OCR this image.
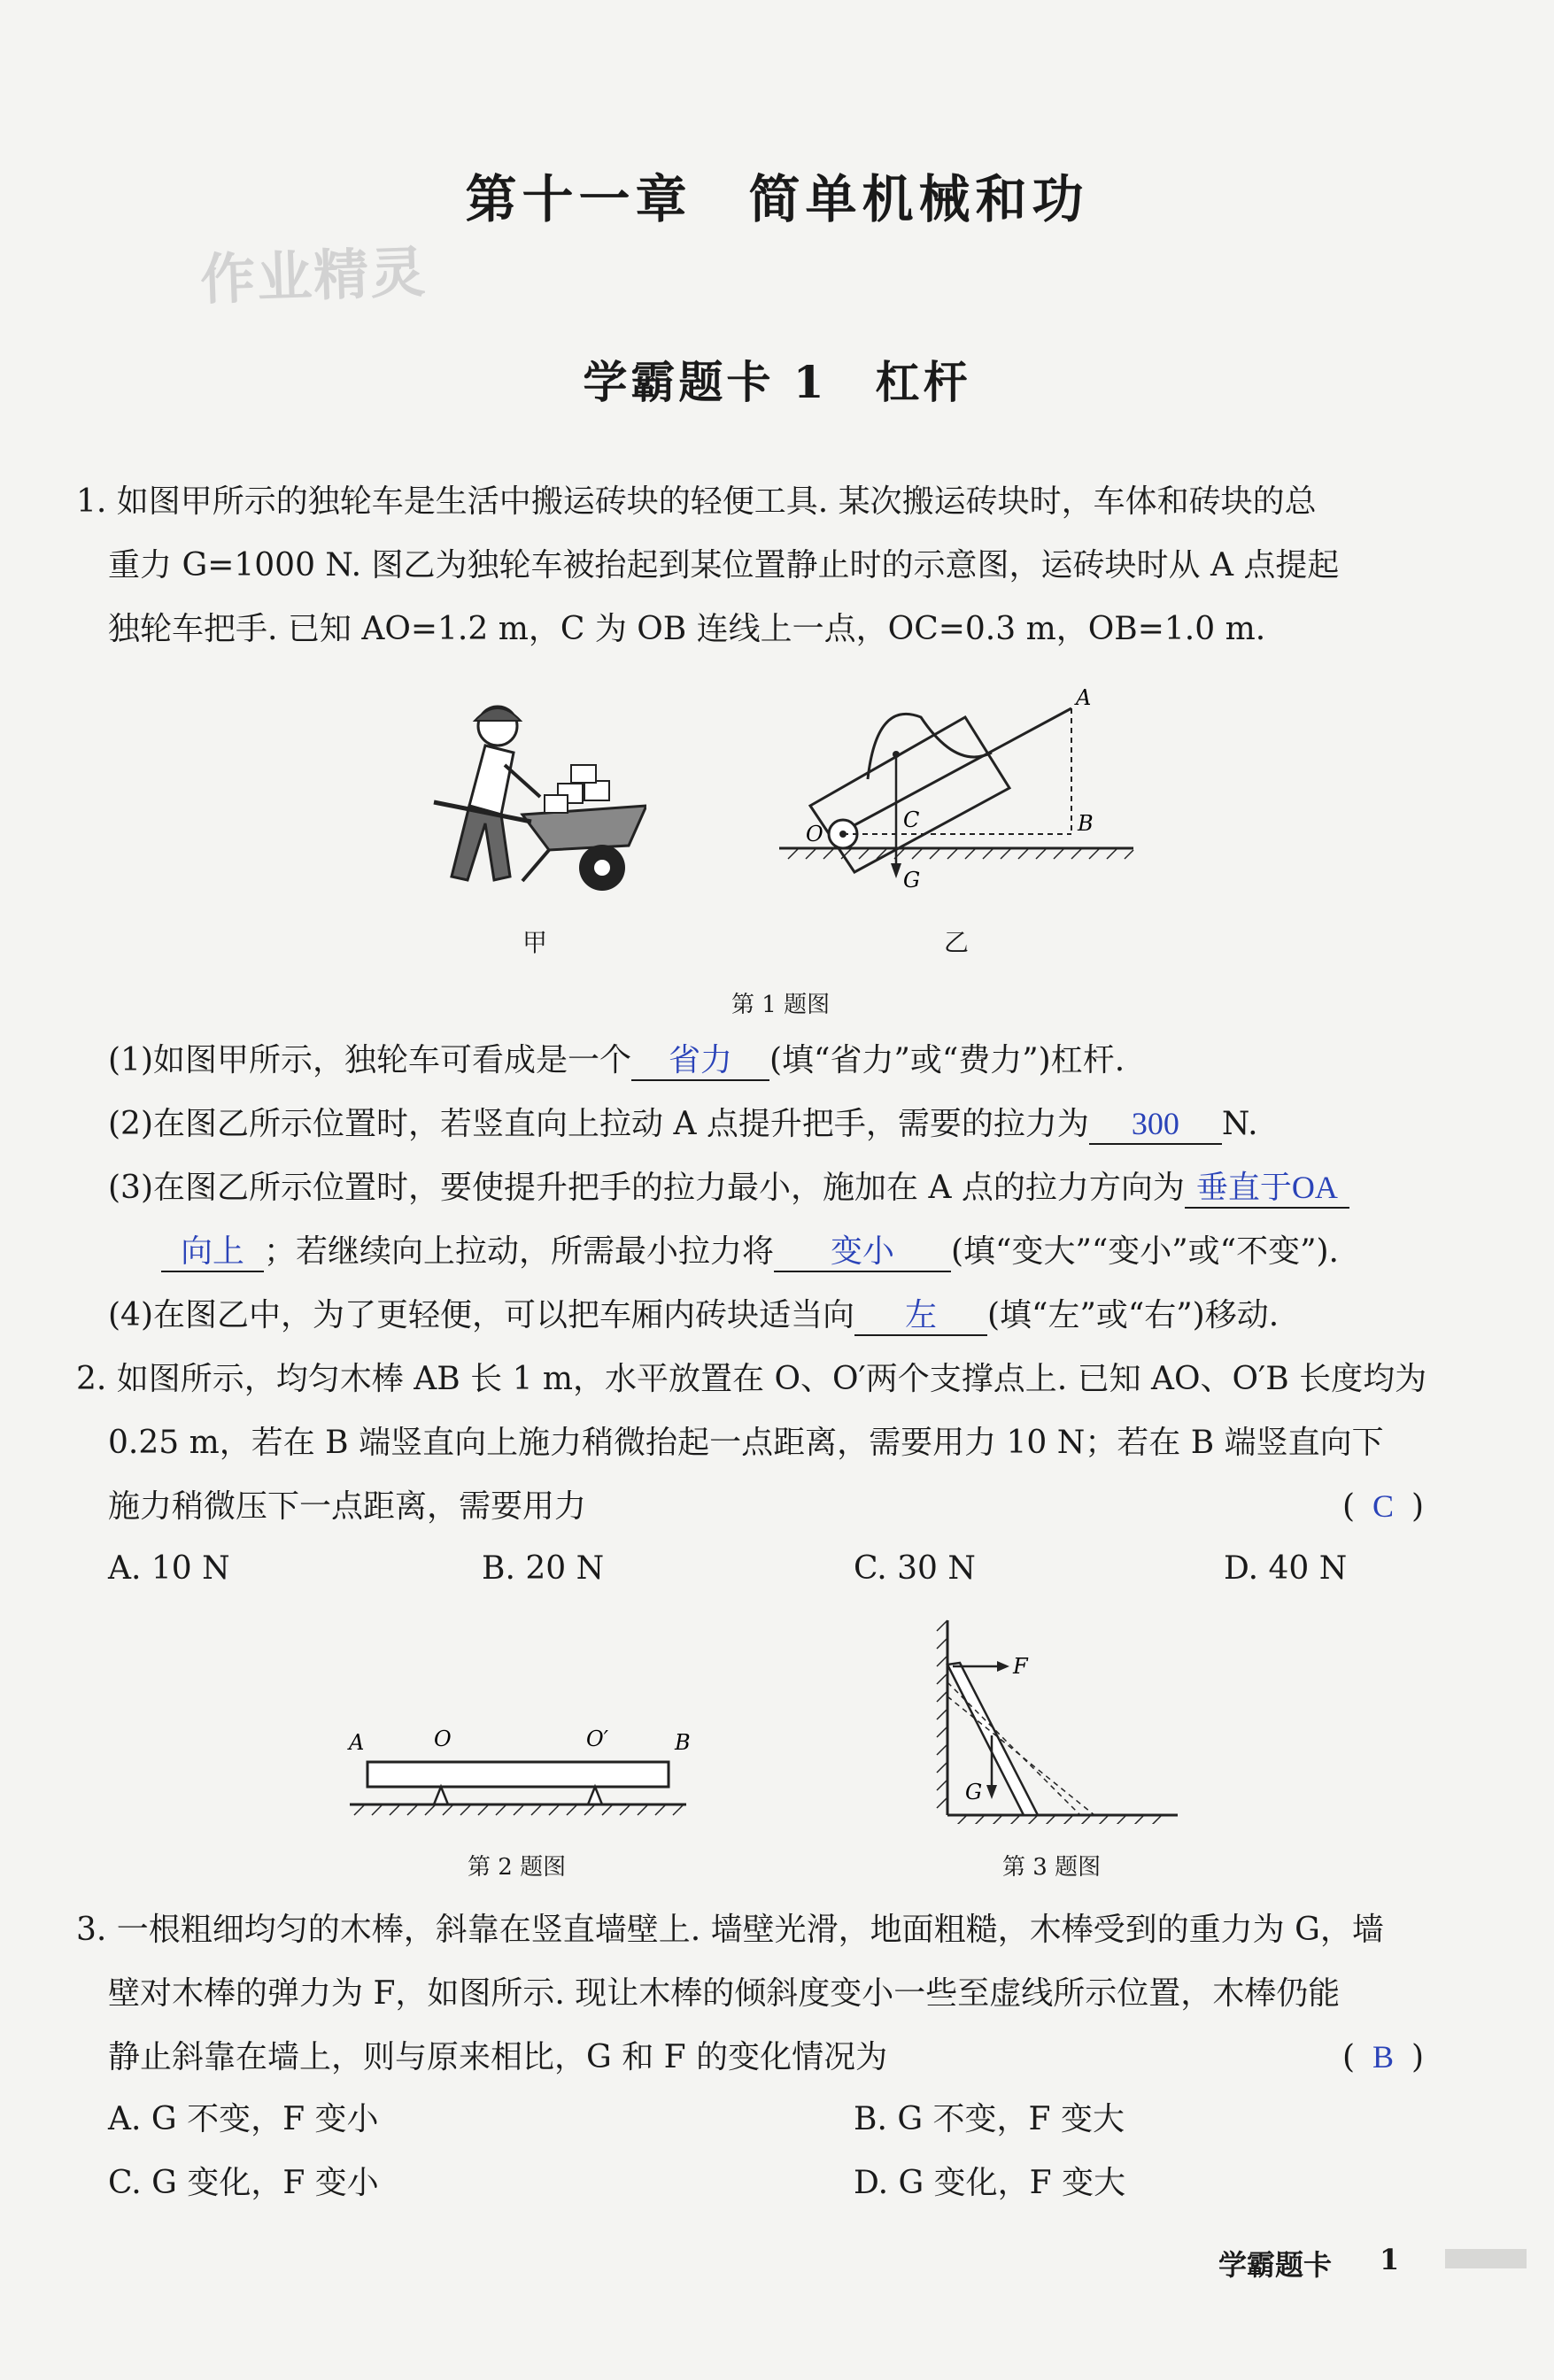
第十一章　简单机械和功
作业精灵
学霸题卡 1　杠杆
1. 如图甲所示的独轮车是生活中搬运砖块的轻便工具. 某次搬运砖块时，车体和砖块的总
重力 G=1000 N. 图乙为独轮车被抬起到某位置静止时的示意图，运砖块时从 A 点提起
独轮车把手. 已知 AO=1.2 m，C 为 OB 连线上一点，OC=0.3 m，OB=1.0 m.
A
B
C
O
G
甲	乙
第 1 题图
(1)如图甲所示，独轮车可看成是一个 省力 (填“省力”或“费力”)杠杆.
(2)在图乙所示位置时，若竖直向上拉动 A 点提升把手，需要的拉力为 300 N.
(3)在图乙所示位置时，要使提升把手的拉力最小，施加在 A 点的拉力方向为 垂直于OA
向上 ；若继续向上拉动，所需最小拉力将 变小 (填“变大”“变小”或“不变”).
(4)在图乙中，为了更轻便，可以把车厢内砖块适当向 左 (填“左”或“右”)移动.
2. 如图所示，均匀木棒 AB 长 1 m，水平放置在 O、O′两个支撑点上. 已知 AO、O′B 长度均为
0.25 m，若在 B 端竖直向上施力稍微抬起一点距离，需要用力 10 N；若在 B 端竖直向下
施力稍微压下一点距离，需要用力	( C )
A. 10 N	B. 20 N	C. 30 N	D. 40 N
A	O	O′	B
第 2 题图
F
G
第 3 题图
3. 一根粗细均匀的木棒，斜靠在竖直墙壁上. 墙壁光滑，地面粗糙，木棒受到的重力为 G，墙
壁对木棒的弹力为 F，如图所示. 现让木棒的倾斜度变小一些至虚线所示位置，木棒仍能
静止斜靠在墙上，则与原来相比，G 和 F 的变化情况为	( B )
A. G 不变，F 变小	B. G 不变，F 变大
C. G 变化，F 变小	D. G 变化，F 变大
学霸题卡 1
